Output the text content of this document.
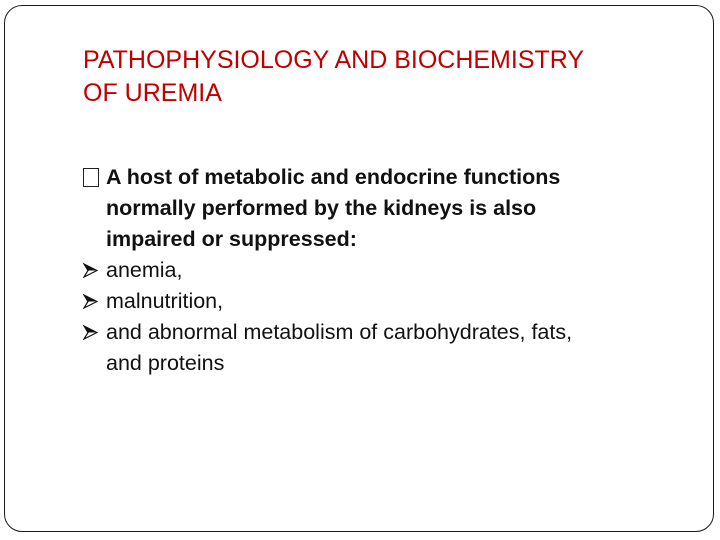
PATHOPHYSIOLOGY AND BIOCHEMISTRY
OF UREMIA
A host of metabolic and endocrine functions
normally performed by the kidneys is also
impaired or suppressed:
anemia,
malnutrition,
and abnormal metabolism of carbohydrates, fats,
and proteins
